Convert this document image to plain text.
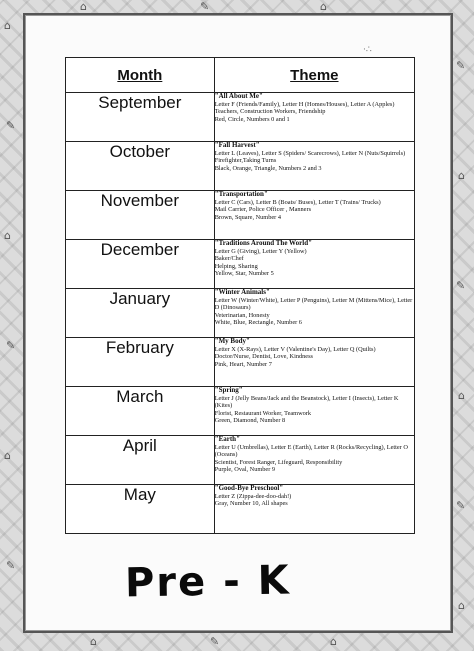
⌂
✎
⌂
✎
⌂
✎
✎
⌂
✎
⌂
✎
⌂
⌂	✎	⌂
⌂	✎	⌂
·∴
Month	Theme
September	"All About Me"
Letter F (Friends/Family), Letter H (Homes/Houses), Letter A (Apples)
Teachers, Construction Workers, Friendship
Red, Circle, Numbers 0 and 1

October	"Fall Harvest"
Letter L (Leaves), Letter S (Spiders/ Scarecrows), Letter N (Nuts/Squirrels)
Firefighter,Taking Turns
Black, Orange, Triangle, Numbers 2 and 3

November	"Transportation"
Letter C (Cars), Letter B (Boats/ Buses), Letter T (Trains/ Trucks)
Mail Carrier, Police Officer , Manners
Brown, Square, Number 4

December	"Traditions Around The World"
Letter G (Giving), Letter Y (Yellow)
Baker/Chef
Helping, Sharing
Yellow, Star, Number 5

January	"Winter Animals"
Letter W (Winter/White), Letter P (Penguins), Letter M (Mittens/Mice), Letter D (Dinosaurs)
Veterinarian, Honesty
White, Blue, Rectangle, Number 6

February	"My Body"
Letter X (X-Rays), Letter V (Valentine's Day), Letter Q (Quilts)
Doctor/Nurse, Dentist, Love, Kindness
Pink, Heart, Number 7

March	"Spring"
Letter J (Jelly Beans/Jack and the Beanstock), Letter I (Insects), Letter K (Kites)
Florist, Restaurant Worker, Teamwork
Green, Diamond, Number 8

April	"Earth"
Letter U (Umbrellas), Letter E (Earth), Letter R (Rocks/Recycling), Letter O (Oceans)
Scientist, Forest Ranger, Lifeguard, Responsibility
Purple, Oval, Number 9

May	"Good-Bye Preschool"
Letter Z (Zippa-dee-doo-dah!)
Gray, Number 10, All shapes
Pre - K
